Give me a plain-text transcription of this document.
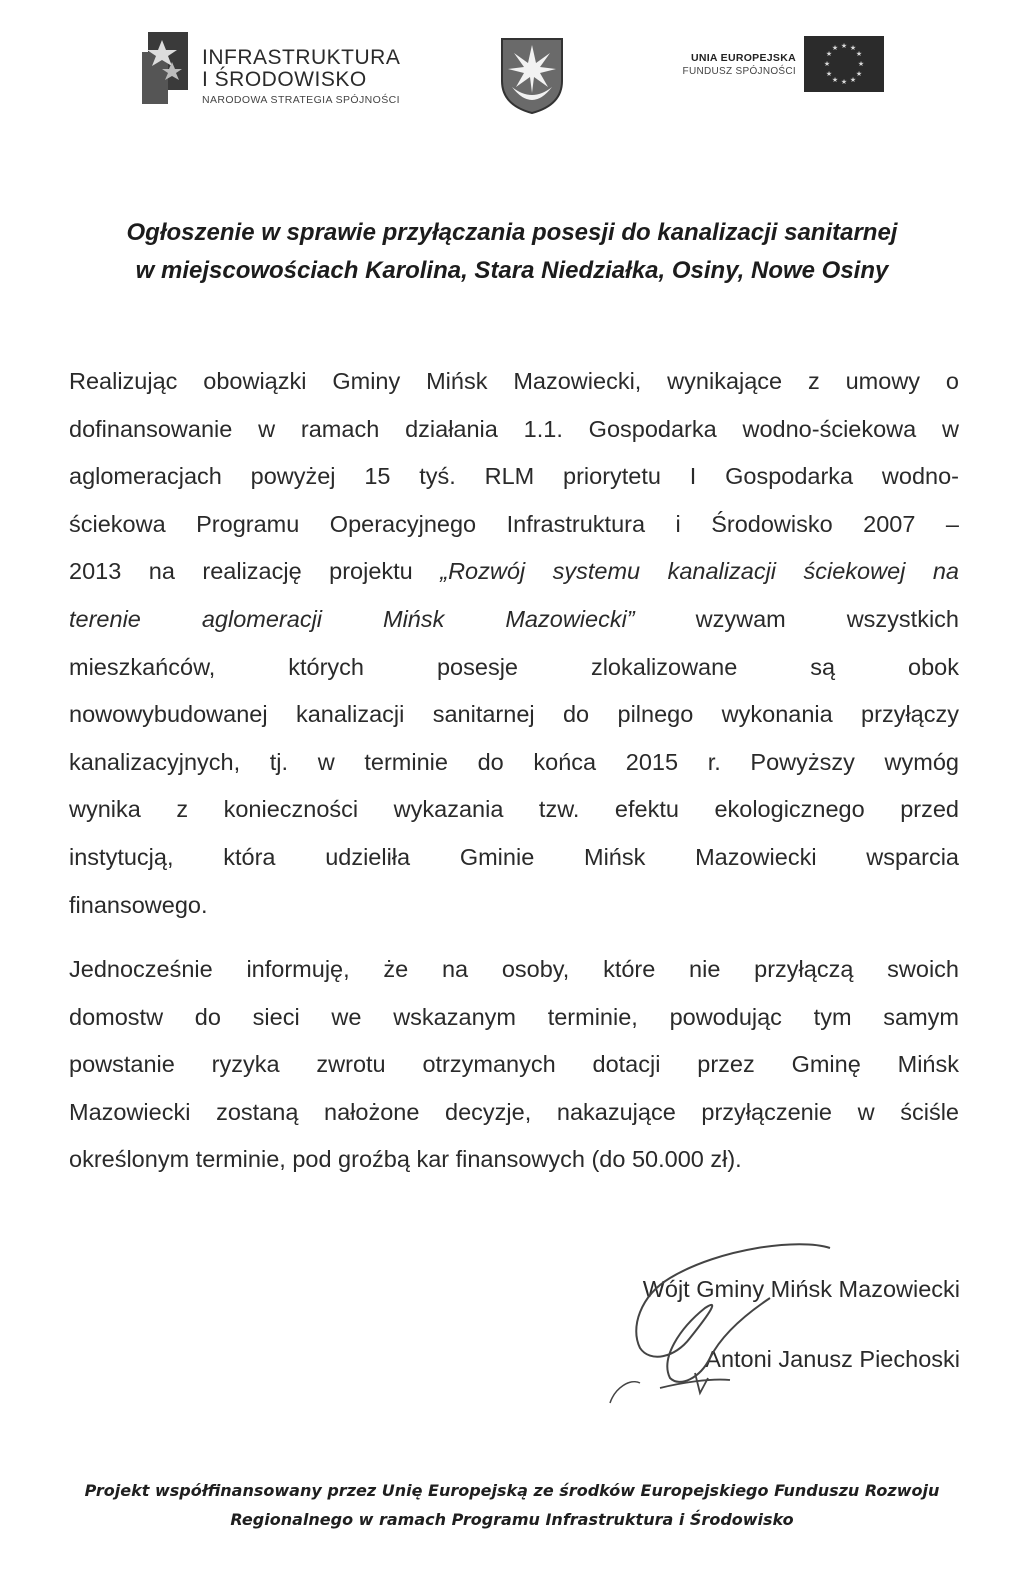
INFRASTRUKTURA
I ŚRODOWISKO
NARODOWA STRATEGIA SPÓJNOŚCI
UNIA EUROPEJSKA
FUNDUSZ SPÓJNOŚCI
★ ★
★
★
★
★
★
★
★
★
★
★
Ogłoszenie w sprawie przyłączania posesji do kanalizacji sanitarnej
w miejscowościach Karolina, Stara Niedziałka, Osiny, Nowe Osiny
Realizując obowiązki Gminy Mińsk Mazowiecki, wynikające z umowy o
dofinansowanie w ramach działania 1.1. Gospodarka wodno-ściekowa w
aglomeracjach powyżej 15 tyś. RLM priorytetu I Gospodarka wodno-
ściekowa Programu Operacyjnego Infrastruktura i Środowisko 2007 –
2013 na realizację projektu „Rozwój systemu kanalizacji ściekowej na
terenie aglomeracji Mińsk Mazowiecki” wzywam wszystkich
mieszkańców, których posesje zlokalizowane są obok
nowowybudowanej kanalizacji sanitarnej do pilnego wykonania przyłączy
kanalizacyjnych, tj. w terminie do końca 2015 r. Powyższy wymóg
wynika z konieczności wykazania tzw. efektu ekologicznego przed
instytucją, która udzieliła Gminie Mińsk Mazowiecki wsparcia
finansowego.
Jednocześnie informuję, że na osoby, które nie przyłączą swoich
domostw do sieci we wskazanym terminie, powodując tym samym
powstanie ryzyka zwrotu otrzymanych dotacji przez Gminę Mińsk
Mazowiecki zostaną nałożone decyzje, nakazujące przyłączenie w ściśle
określonym terminie, pod groźbą kar finansowych (do 50.000 zł).
Wójt Gminy Mińsk Mazowiecki
Antoni Janusz Piechoski
Projekt współfinansowany przez Unię Europejską ze środków Europejskiego Funduszu Rozwoju
Regionalnego w ramach Programu Infrastruktura i Środowisko
